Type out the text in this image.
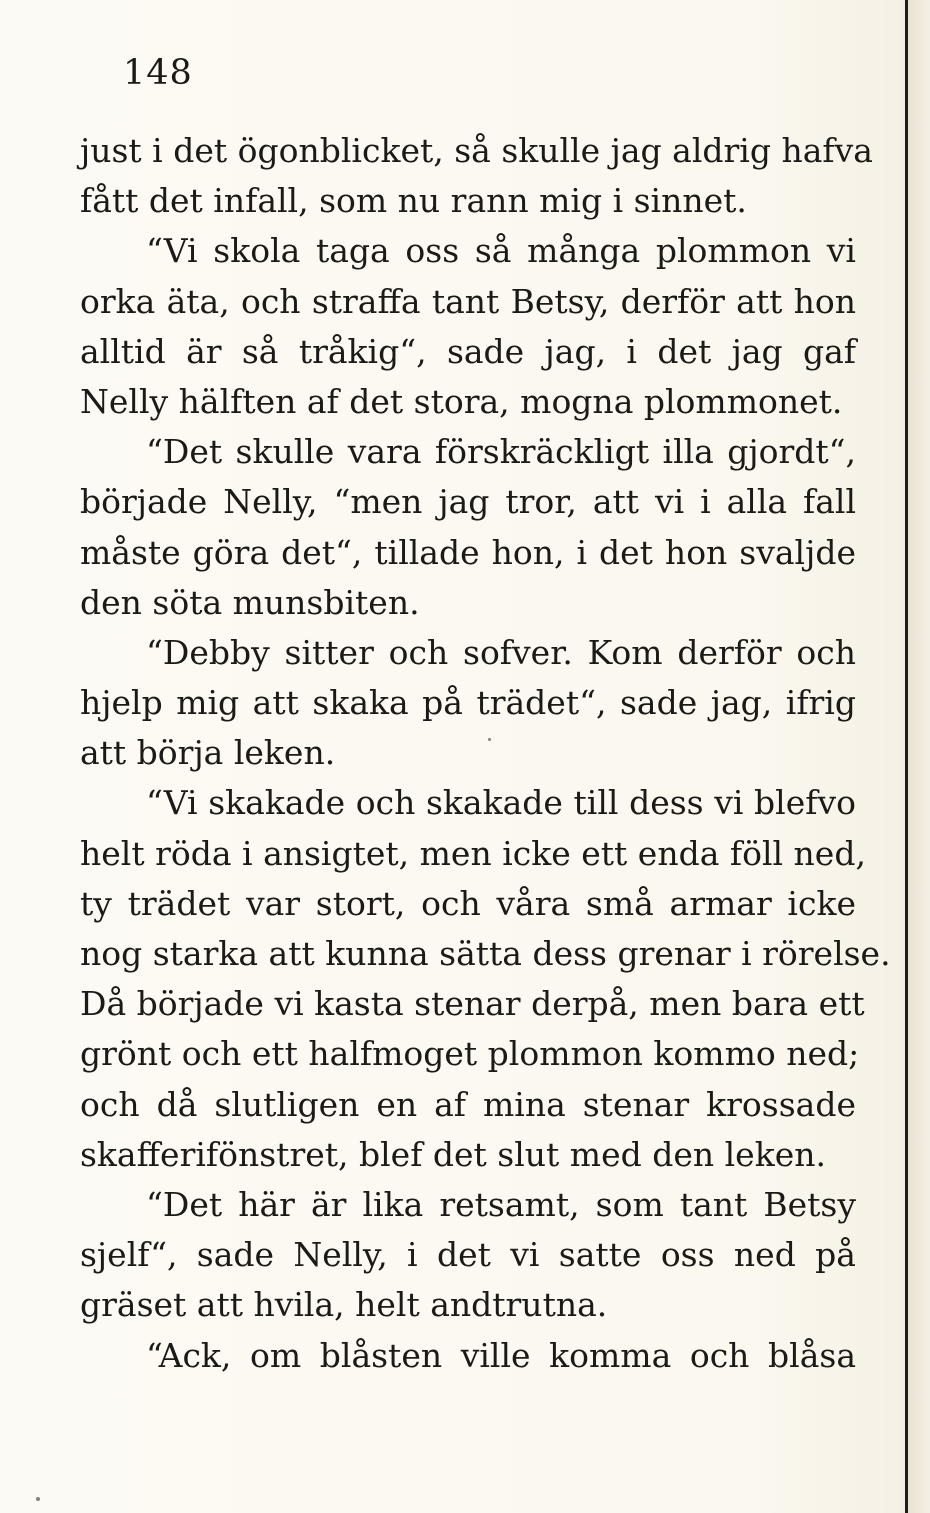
148
just i det ögonblicket, så skulle jag aldrig hafva
fått det infall, som nu rann mig i sinnet.
“Vi skola taga oss så många plommon vi
orka äta, och straffa tant Betsy, derför att hon
alltid är så tråkig“, sade jag, i det jag gaf
Nelly hälften af det stora, mogna plommonet.
“Det skulle vara förskräckligt illa gjordt“,
började Nelly, “men jag tror, att vi i alla fall
måste göra det“, tillade hon, i det hon svaljde
den söta munsbiten.
“Debby sitter och sofver. Kom derför och
hjelp mig att skaka på trädet“, sade jag, ifrig
att börja leken.
“Vi skakade och skakade till dess vi blefvo
helt röda i ansigtet, men icke ett enda föll ned,
ty trädet var stort, och våra små armar icke
nog starka att kunna sätta dess grenar i rörelse.
Då började vi kasta stenar derpå, men bara ett
grönt och ett halfmoget plommon kommo ned;
och då slutligen en af mina stenar krossade
skafferifönstret, blef det slut med den leken.
“Det här är lika retsamt, som tant Betsy
sjelf“, sade Nelly, i det vi satte oss ned på
gräset att hvila, helt andtrutna.
“Ack, om blåsten ville komma och blåsa
